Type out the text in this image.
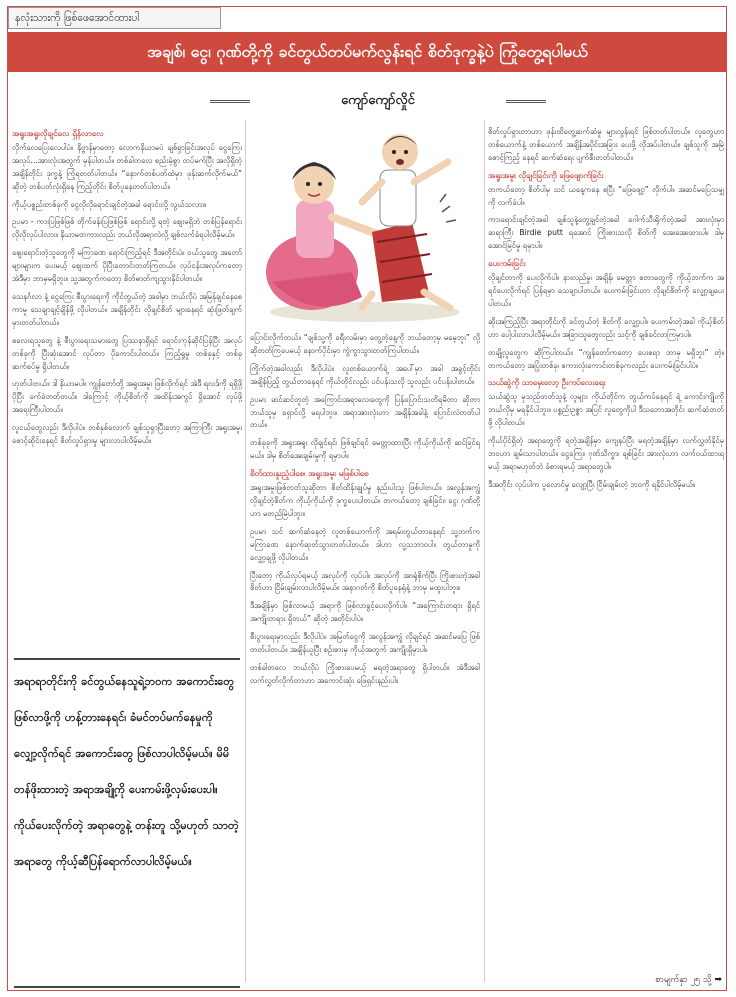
နလုံးသားကို ဖြစ်ဖေအောင်ထားပါ
အချစ်၊ ငွေ၊ ဂုဏ်တို့ကို ခင်တွယ်တပ်မက်လွန်းရင် စိတ်ဒုက္ခနဲ့ပဲ ကြုံတွေ့ရပါမယ်
ကျော်ကျော်လှိုင်
အရူးအရူးလိုချင်လေ ရှိန်လာလေ

လိုက်လေပြေးလေပါပဲ။ နိဗ္ဗာန်မှာတော့ လောကနိယာမပဲ ချစ်ရှာခြင်းအလုပ် ငွေကြေး အလုပ်...အားလုံးအတွက် မှန်ပါတယ်။ တစ်ခါတလေ စည်းမဲ့စွာ တပ်မက်ပြီး အလိုရှိတဲ့ အချိန်တိုင်း ဒုက္ခနဲ့ ကြုံရတတ်ပါတယ်။ “နောက်တစ်ပတ်ထဲမှာ ဖုန်းဆက်လိုက်မယ်” ဆိုတဲ့ တစ်ပတ်လုံးရှိနေ ကြည့်တိုင်း စိတ်ပူနေတတ်ပါတယ်။

ကိုယ့်ပစ္စည်းတစ်ခုကို ငွေလိုလိုရောင်းချင်တဲ့အခါ ရောင်းလို့ လွယ်သလား။

ဥပမာ - ကားပြဖြစ်ဖြစ် တိုက်ခန်းပြဖြစ်ဖြစ် ရောင်းလို့ ရတဲ့ စျေးမရှိဘဲ တစ်ပြန်ရောင်းလိုလိုလုပ်ပါလား။ နိယာမတကားလည်း ဘယ်လိုအရာလဲလို့ ချစ်လက်ခံရပါလိမ့်မယ်။

ဈေးရောင်းတဲ့သူတွေကို မကြာခဏ ရောင်းကြည့်ရင် ဒီအတိုင်းပဲ။ ဝယ်သူတွေ အတော်များများက ပေးမယ့် စျေးထက် ပိုပြီးတောင်းတတ်ကြတယ်။ လုပ်ငန်းအလုပ်ကတော့ အဲဒီမှာ ဘာမှမရှိဘူး။ သူ့အတွက်ကတော့ စိတ်ဓာတ်ကျသွားနိုင်ပါတယ်။

သေနင်္ဂလာ နဲ့ ငွေကြေး စီးပွားရေးကို ကိုင်တွယ်တဲ့ အခါမှာ ဘယ်လိုပဲ အမြန်ချင်နေစေကာမူ သေချာချင့်ချိန်ဖို့ လိုပါတယ်။ အချိန်တိုင်း လိုချင်စိတ် များနေရင် ဆုံးဖြတ်ချက် မှားတတ်ပါတယ်။

စလေးရသူတွေ နဲ့ စီးပွားရေးသမားတွေ ပြဿနာရှိရင် ရောင်းကုန်ဆိုင်ပြန်ပြီး အလုပ်တစ်ခုကို ပြီးဆုံးအောင် လုပ်တာ ပိုကောင်းပါတယ်။ ကြည့်ရှုမှု တစ်ခုနှင့် တစ်ခု ဆက်စပ်မှု ရှိပါတယ်။

ဟုတ်ပါတယ်။ ဒါ နိယာမပါ။ ကျွန်တော်တို့ အရူးအမူး ဖြစ်လိုက်ရင် အဲဒီ ရလဒ်ကို ရရှိဖို့ ပိုပြီး ခက်ခဲတတ်တယ်။ ဒါကြောင့် ကိုယ့်စိတ်ကို အထိန်းအကွပ် ရှိအောင် လုပ်ဖို့ အရေးကြီးပါတယ်။

လူငယ်တွေလည်း ဒီလိုပါပဲ။ တစ်နှစ်လောက် ချစ်သူရှာပြီးတော့ အကြာကြီး အရူးအမူး စောင့်ဆိုင်းနေရင် စိတ်လှုပ်ရှားမှု များလာပါလိမ့်မယ်။

ပြောင်းလိုက်တယ်။ “ချစ်သူ့ကို ခရီးလမ်းမှာ တွေ့တဲ့နေ့ကို ဘယ်တော့မှ မမေ့ဘူး” လို့ ဆိုတတ်ကြပေမယ့် နောက်ပိုင်းမှာ ကွဲကွာသွားတတ်ကြပါတယ်။

ကြိုက်တဲ့အခါလည်း ဒီလိုပါပဲ။ လူတစ်ယောက်ရဲ့ အပေါ်မှာ အခါ အခွင့်တိုင်း အချိန်ပြည့် တွယ်တာနေရင် ကိုယ်တိုင်လည်း ပင်ပန်းသလို သူလည်း ပင်ပန်းပါတယ်။

ဥပမာ ဆင်ဆင်တူတဲ့ အကြောင်းအရာလေးတွေကို ပြန်ပြောင်းသတိရမိတာ ဆိုတာ ဘယ်သူမှ ရှောင်လို့ မရပါဘူး။ အရာအားလုံးဟာ အချိန်အခါနဲ့ ပြောင်းလဲတတ်ပါတယ်။

တစ်ခုခုကို အရူးအရူး လိုချင်ရင်၊ ဖြစ်ချင်ရင် မေတ္တာထားပြီး ကိုယ့်ကိုယ်ကို ဆင်ခြင်ရမယ်။ ဒါမှ စိတ်အေးချမ်းမှုကို ရမှာပါ။

စိတ်ထားနူးညံ့ပါစေ၊ အရူးအမူး မဖြစ်ပါစေ

အရူးအမူးဖြစ်တတ်သူဆိုတာ စိတ်ထိန်းချုပ်မှု နည်းပါးသူ ဖြစ်ပါတယ်။ အလွန်အကျွံ လိုချင်တဲ့စိတ်က ကိုယ့်ကိုယ်ကို ဒုက္ခပေးပါတယ်။ တကယ်တော့ ချစ်ခြင်း၊ ငွေ၊ ဂုဏ်တို့ဟာ မတည်မြဲပါဘူး။

ဥပမာ သင် ဆက်ဆံနေတဲ့ လူတစ်ယောက်ကို အရမ်းတွယ်တာနေရင် သူ့ဘက်က မကြာခဏ နောက်ဆုတ်သွားတတ်ပါတယ်။ ဒါဟာ လူ့သဘာဝပါ။ တွယ်တာမှုကို လျှော့ချဖို့ လိုပါတယ်။

ပြီးတော့ ကိုယ်လုပ်ရမယ့် အလုပ်ကို လုပ်ပါ။ အလုပ်ကို အာရုံစိုက်ပြီး ကြိုးစားတဲ့အခါ စိတ်ဟာ ငြိမ်းချမ်းလာပါလိမ့်မယ်။ အနာဂတ်ကို စိတ်ပူနေရုံနဲ့ ဘာမှ မထူးပါဘူး။

ဒီအချိန်မှာ ဖြစ်လာမယ့် အရာကို ဖြစ်လာခွင့်ပေးလိုက်ပါ။ “အကြောင်းတရား ရှိရင် အကျိုးတရား ရှိတယ်” ဆိုတဲ့ အတိုင်းပါပဲ။

စီးပွားရေးမှာလည်း ဒီလိုပါပဲ။ အမြတ်ငွေကို အလွန်အကျွံ လိုချင်ရင် အဆင်မပြေ ဖြစ်တတ်ပါတယ်။ အချိန်ယူပြီး စဉ်းစားမှ ကိုယ့်အတွက် အကျိုးရှိမှာပါ။

တစ်ခါတလေ ဘယ်လိုပဲ ကြိုးစားပေမယ့် မရတဲ့အရာတွေ ရှိပါတယ်။ အဲဒီအခါ လက်လွှတ်လိုက်တာဟာ အကောင်းဆုံး ဖြေရှင်းနည်းပါ။

စိတ်လှုပ်ရှားတာဟာ ဖုန်းထိတွေ့ဆက်ဆံမှု များလွန်းရင် ဖြစ်တတ်ပါတယ်။ လူတွေဟာ တစ်ယောက်နဲ့ တစ်ယောက် အချိန်အပိုင်းအခြား ပေးဖို့ လိုအပ်ပါတယ်။ ချစ်သူကို အမြဲစောင့်ကြည့် နေရင် ဆက်ဆံရေး ပျက်စီးတတ်ပါတယ်။

အရူးအမူး လိုချင်ခြင်းကို ဖြေဖျောက်ခြင်း

တကယ်တော့ စိတ်ပါမှ သင် ယနေ့ကနေ စပြီး “ဖြေဖျော့” လိုက်ပါ။ အဆင်မပြေသမျှကို လက်ခံပါ။

ကားရောင်းချင်တဲ့အခါ ချစ်သူနဲ့တွေ့ချင်တဲ့အခါ ဂေါက်သီးရိုက်တဲ့အခါ အားလုံးမှာ ဆရာကြီး Birdie putt ရအောင် ကြိုးစားသလို စိတ်ကို အေးအေးထားပါ။ ဒါမှ အောင်မြင်မှု ရမှာပါ။

ပေးကမ်းခြင်း

လိုချင်တာကို ပေးလိုက်ပါ။ နားလည်မှု၊ အချိန်၊ မေတ္တာ စတာတွေကို ကိုယ့်ဘက်က အရင်ပေးလိုက်ရင် ပြန်ရမှာ သေချာပါတယ်။ ပေးကမ်းခြင်းဟာ လိုချင်စိတ်ကို လျှော့ချပေးပါတယ်။

ဆိုးအကြည့်ပြီး အရာတိုင်းကို ခင်တွယ်တဲ့ စိတ်ကို လျှော့ပါ။ ပေးကမ်းတဲ့အခါ ကိုယ့်စိတ်ဟာ ပေါ့ပါးလာပါလိမ့်မယ်။ အခြားသူတွေလည်း သင့်ကို ချစ်ခင်လာကြမှာပါ။

တချို့လူတွေက ဆိုကြပါတယ်။ “ကျွန်တော်ကတော့ ပေးစရာ ဘာမှ မရှိဘူး” တဲ့။ တကယ်တော့ အပြုံးတစ်ခု၊ စကားလုံးကောင်းတစ်ခုကလည်း ပေးကမ်းခြင်းပါပဲ။

သယ်ဆွဲကို သာမှေးလော့ ဦးကပ်လေးရေး

သယ်ဆွဲသူ မှသည်တတ်သူနဲ့ လူများ ကိုယ်တိုင်က တွယ်ကပ်နေရင် ရဲ့ ကောင်းကျိုးကိုဘယ်လိုမှ မရနိုင်ပါဘူး။ ပစ္စည်းဥစ္စာ အပြင် လူတွေကိုပါ ဒီသဘောအတိုင်း ဆက်ဆံတတ်ဖို့ လိုပါတယ်။

ကိုယ်ပိုင်ရှိတဲ့ အရာတွေကို ရတဲ့အချိန်မှာ ကျေနပ်ပြီး မရတဲ့အချိန်မှာ လက်လွှတ်နိုင်မှ ဘဝဟာ ချမ်းသာပါတယ်။ ငွေကြေး၊ ဂုဏ်သိက္ခာ၊ ချစ်ခြင်း အားလုံးဟာ လက်ဝယ်ထားရမယ့် အရာမဟုတ်ဘဲ ခံစားရမယ့် အရာတွေပါ။

ဒီအတိုင်း လုပ်ပါက ပူလောင်မှု လျော့ပြီး ငြိမ်းချမ်းတဲ့ ဘဝကို ရနိုင်ပါလိမ့်မယ်။

အရာရာတိုင်းကို ခင်တွယ်နေသူရဲ့ဘဝက အကောင်းတွေဖြစ်လာဖို့ကို ဟန့်တားနေရင်၊ ခံမင်တပ်မက်နေမှုကို လျှော့လိုက်ရင် အကောင်းတွေ ဖြစ်လာပါလိမ့်မယ်။ မိမိတန်ဖိုးထားတဲ့ အရာအချို့ကို ပေးကမ်းဖို့လှမ်းပေးပါ။ ကိုယ်ပေးလိုက်တဲ့ အရာတွေနဲ့ တန်းတူ သို့မဟုတ် သာတဲ့အရာတွေ ကိုယ့်ဆီပြန်ရောက်လာပါလိမ့်မယ်။
စာမျက်နှာ ၂၅ သို့ ➡
